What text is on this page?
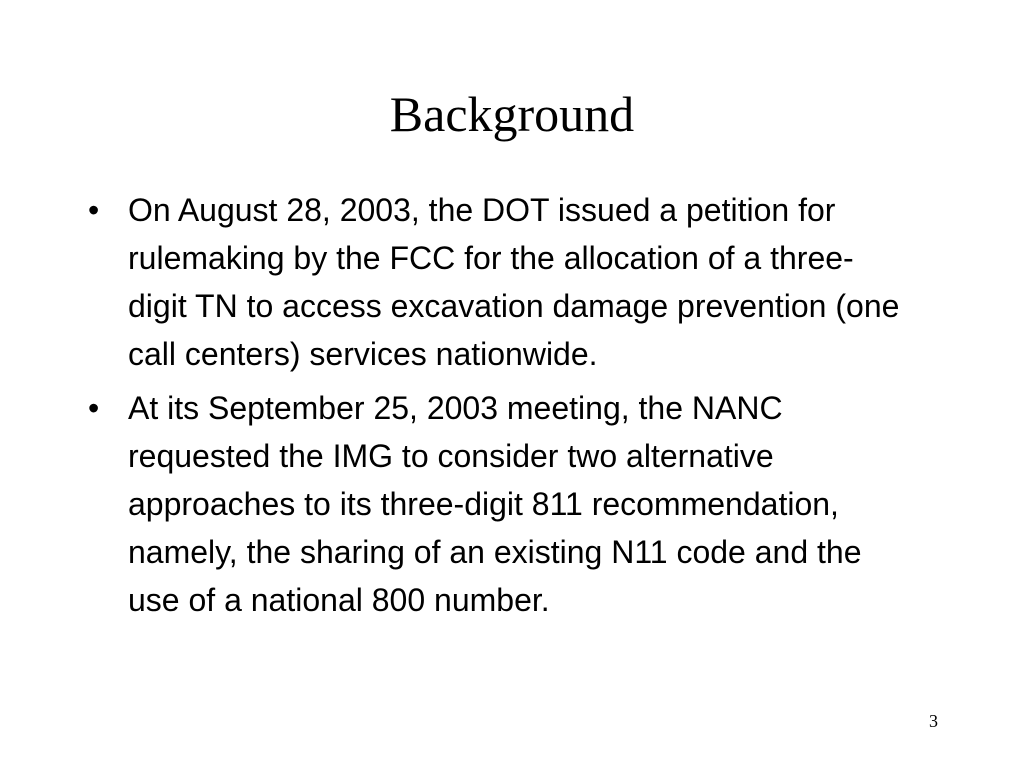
Background
• On August 28, 2003, the DOT issued a petition for rulemaking by the FCC for the allocation of a three-digit TN to access excavation damage prevention (one call centers) services nationwide.
• At its September 25, 2003 meeting, the NANC requested the IMG to consider two alternative approaches to its three-digit 811 recommendation, namely, the sharing of an existing N11 code and the use of a national 800 number.
3
